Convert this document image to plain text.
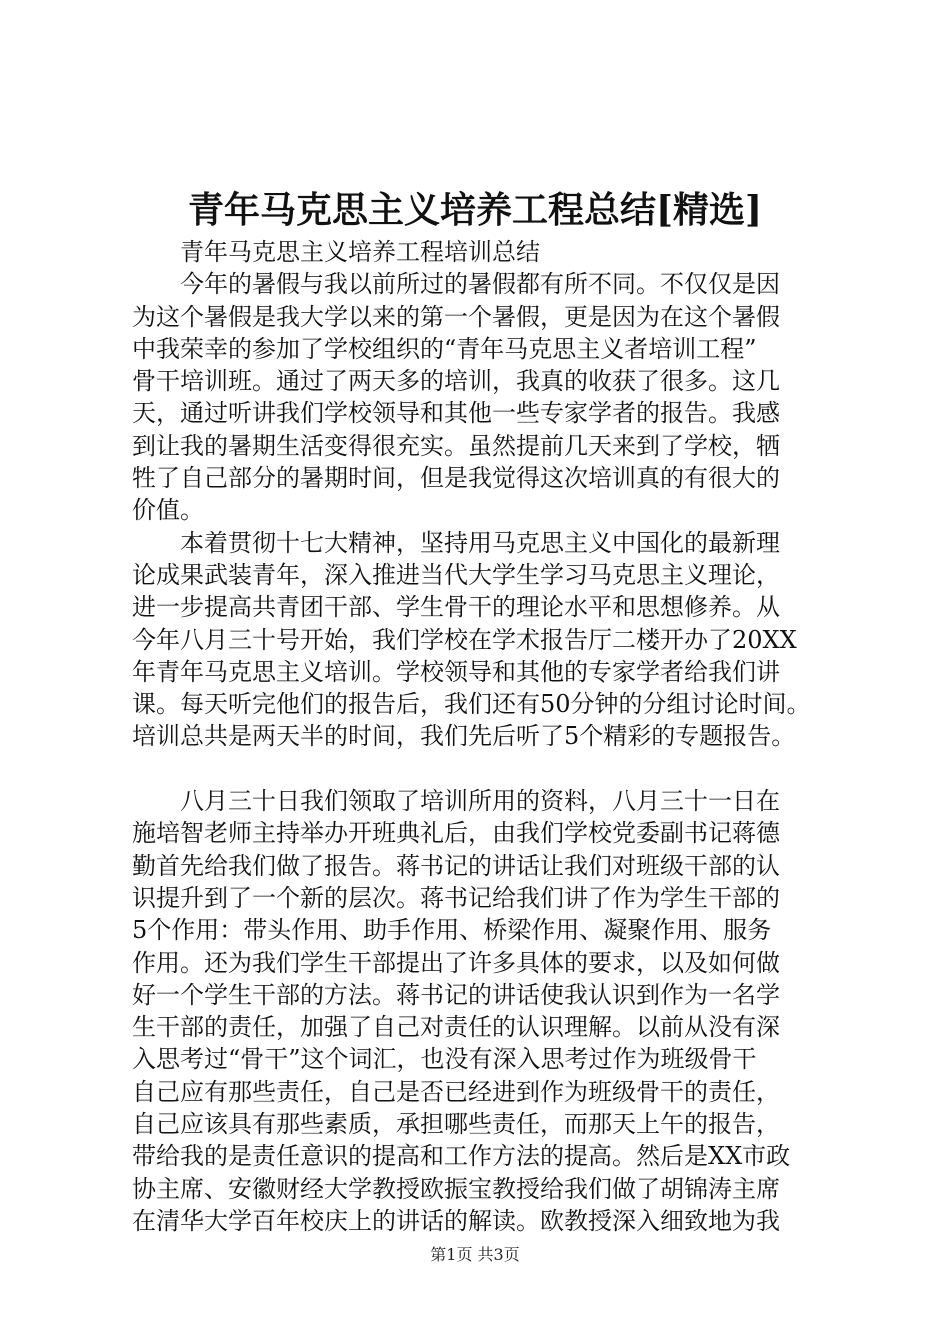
青年马克思主义培养工程总结[精选]

青年马克思主义培养工程培训总结

今年的暑假与我以前所过的暑假都有所不同。不仅仅是因

为这个暑假是我大学以来的第一个暑假，更是因为在这个暑假

中我荣幸的参加了学校组织的“青年马克思主义者培训工程”

骨干培训班。通过了两天多的培训，我真的收获了很多。这几

天，通过听讲我们学校领导和其他一些专家学者的报告。我感

到让我的暑期生活变得很充实。虽然提前几天来到了学校，牺

牲了自己部分的暑期时间，但是我觉得这次培训真的有很大的

价值。

本着贯彻十七大精神，坚持用马克思主义中国化的最新理

论成果武装青年，深入推进当代大学生学习马克思主义理论，

进一步提高共青团干部、学生骨干的理论水平和思想修养。从

今年八月三十号开始，我们学校在学术报告厅二楼开办了20XX

年青年马克思主义培训。学校领导和其他的专家学者给我们讲

课。每天听完他们的报告后，我们还有50分钟的分组讨论时间。

培训总共是两天半的时间，我们先后听了5个精彩的专题报告。

八月三十日我们领取了培训所用的资料，八月三十一日在

施培智老师主持举办开班典礼后，由我们学校党委副书记蒋德

勤首先给我们做了报告。蒋书记的讲话让我们对班级干部的认

识提升到了一个新的层次。蒋书记给我们讲了作为学生干部的

5个作用：带头作用、助手作用、桥梁作用、凝聚作用、服务

作用。还为我们学生干部提出了许多具体的要求，以及如何做

好一个学生干部的方法。蒋书记的讲话使我认识到作为一名学

生干部的责任，加强了自己对责任的认识理解。以前从没有深

入思考过“骨干”这个词汇，也没有深入思考过作为班级骨干

自己应有那些责任，自己是否已经进到作为班级骨干的责任，

自己应该具有那些素质，承担哪些责任，而那天上午的报告，

带给我的是责任意识的提高和工作方法的提高。然后是XX市政

协主席、安徽财经大学教授欧振宝教授给我们做了胡锦涛主席

在清华大学百年校庆上的讲话的解读。欧教授深入细致地为我

第1页 共3页
